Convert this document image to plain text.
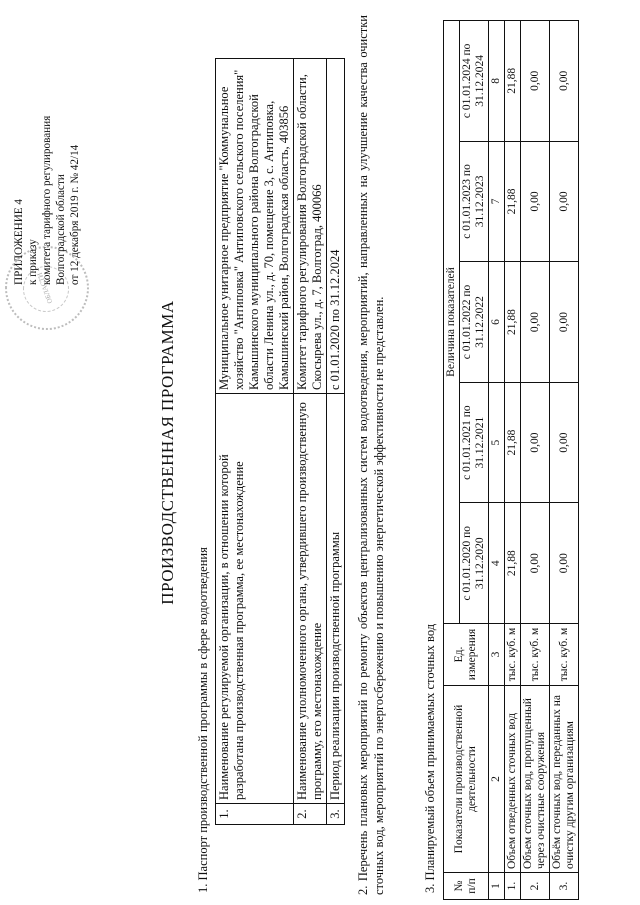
ОБЛАСТИ
ПРИЛОЖЕНИЕ 4 к приказу комитета тарифного регулирования Волгоградской области от 12 декабря 2019 г. № 42/14
ПРОИЗВОДСТВЕННАЯ ПРОГРАММА
1. Паспорт производственной программы в сфере водоотведения 1.	Наименование регулируемой организации, в отношении которой разработана производственная программа, ее местонахождение	Муниципальное унитарное предприятие "Коммунальное хозяйство "Антиповка" Антиповского сельского поселения" Камышинского муниципального района Волгоградской области Ленина ул., д. 70, помещение 3, с. Антиповка, Камышинский район, Волгоградская область, 403856
2.	Наименование уполномоченного органа, утвердившего производственную программу, его местонахождение	Комитет тарифного регулирования Волгоградской области, Скосырева ул., д. 7, Волгоград, 400066
3.	Период реализации производственной программы	с 01.01.2020 по 31.12.2024 2. Перечень плановых мероприятий по ремонту объектов централизованных систем водоотведения, мероприятий, направленных на улучшение качества очистки сточных вод, мероприятий по энергосбережению и повышению энергетической эффективности не представлен.	3. Планируемый объем принимаемых сточных вод № п/п	Показатели производственной деятельности	Ед. измерения	Величина показателей				
			с 01.01.2020 по 31.12.2020	с 01.01.2021 по 31.12.2021	с 01.01.2022 по 31.12.2022	с 01.01.2023 по 31.12.2023	с 01.01.2024 по 31.12.2024
1	2	3	4	5	6	7	8
1.	Объем отведенных сточных вод	тыс. куб. м	21,88	21,88	21,88	21,88	21,88
2.	Объем сточных вод, пропущенный через очистные сооружения	тыс. куб. м	0,00	0,00	0,00	0,00	0,00
3.	Объём сточных вод, переданных на очистку другим организациям	тыс. куб. м	0,00	0,00	0,00	0,00	0,00
